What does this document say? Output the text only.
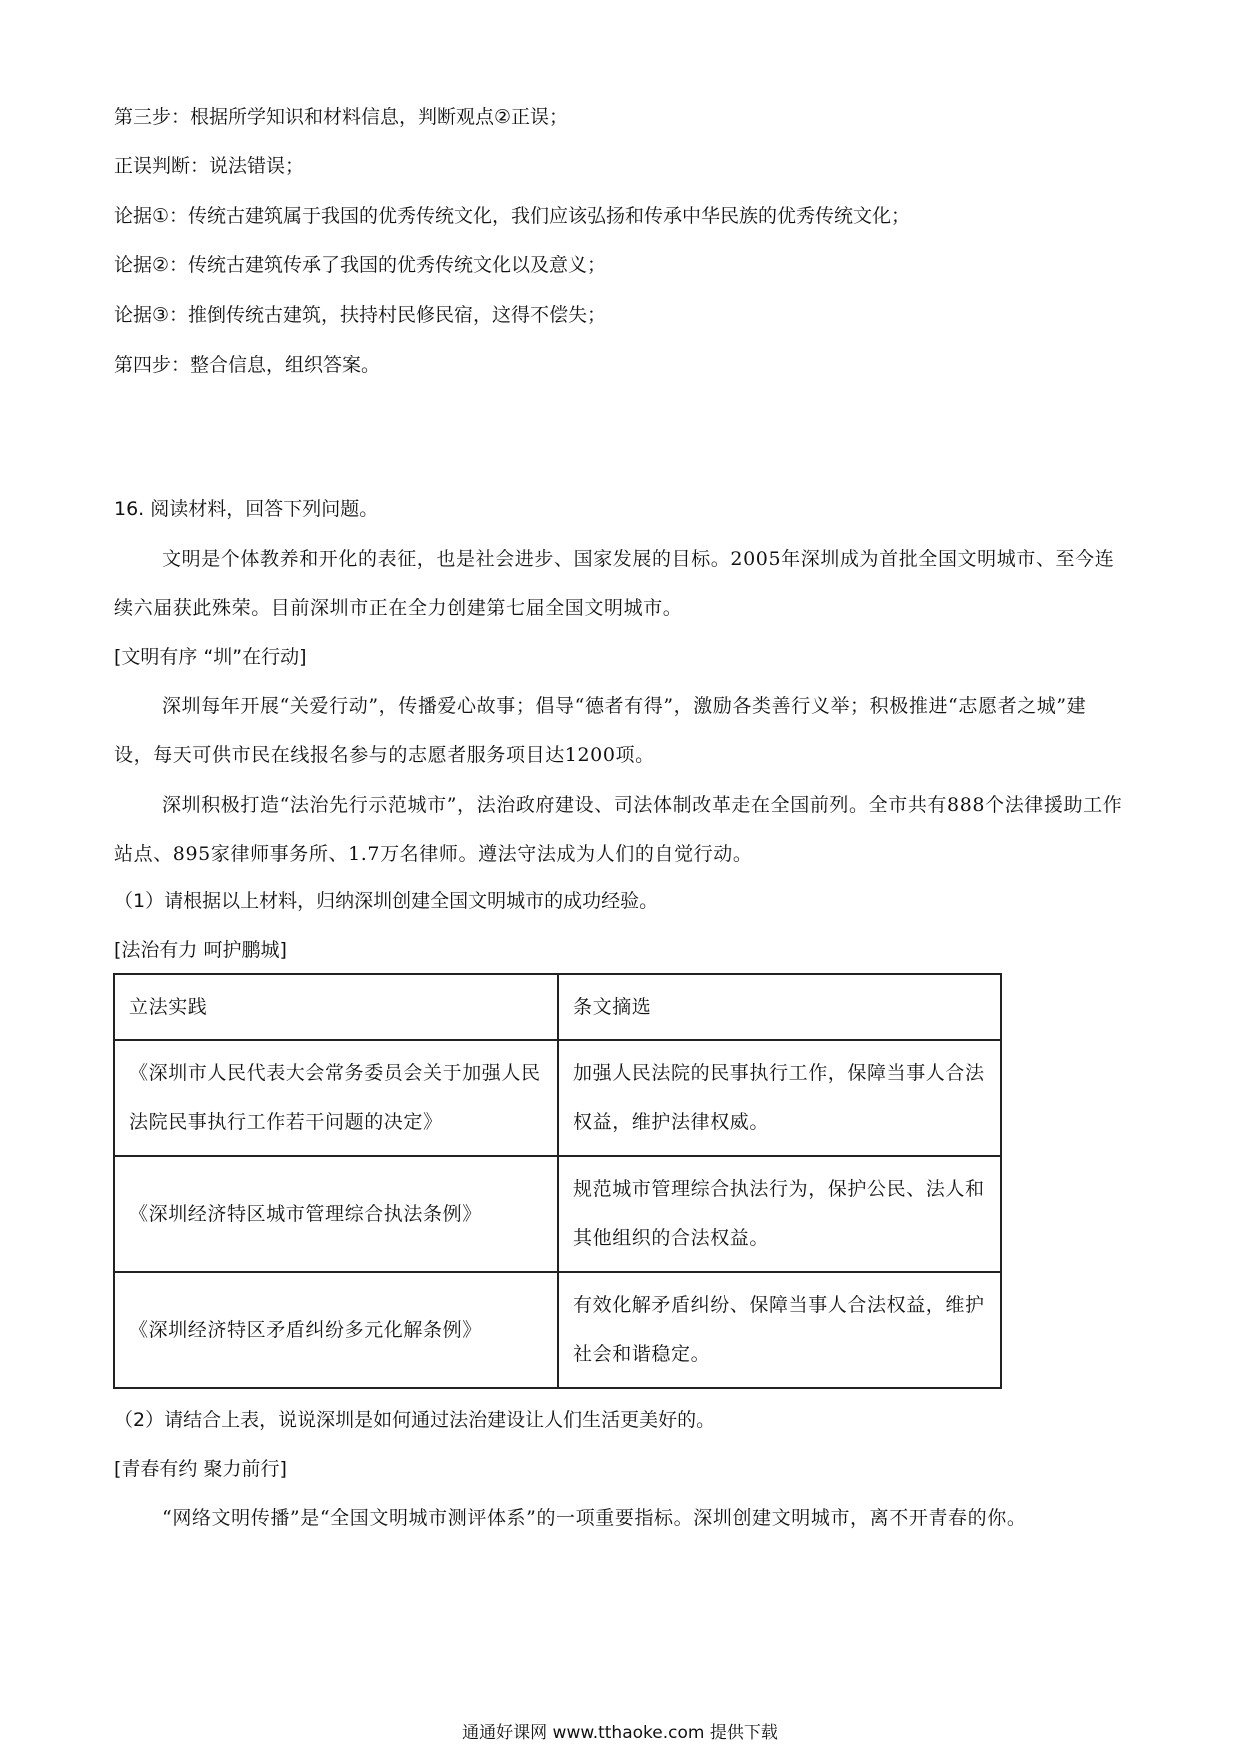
第三步：根据所学知识和材料信息，判断观点②正误；
正误判断：说法错误；
论据①：传统古建筑属于我国的优秀传统文化，我们应该弘扬和传承中华民族的优秀传统文化；
论据②：传统古建筑传承了我国的优秀传统文化以及意义；
论据③：推倒传统古建筑，扶持村民修民宿，这得不偿失；
第四步：整合信息，组织答案。
16. 阅读材料，回答下列问题。
文明是个体教养和开化的表征，也是社会进步、国家发展的目标。2005年深圳成为首批全国文明城市、至今连续六届获此殊荣。目前深圳市正在全力创建第七届全国文明城市。
[文明有序 “圳”在行动]
深圳每年开展“关爱行动”，传播爱心故事；倡导“德者有得”，激励各类善行义举；积极推进“志愿者之城”建设，每天可供市民在线报名参与的志愿者服务项目达1200项。
深圳积极打造“法治先行示范城市”，法治政府建设、司法体制改革走在全国前列。全市共有888个法律援助工作站点、895家律师事务所、1.7万名律师。遵法守法成为人们的自觉行动。
（1）请根据以上材料，归纳深圳创建全国文明城市的成功经验。
[法治有力 呵护鹏城]
立法实践	条文摘选
《深圳市人民代表大会常务委员会关于加强人民法院民事执行工作若干问题的决定》	加强人民法院的民事执行工作，保障当事人合法权益，维护法律权威。
《深圳经济特区城市管理综合执法条例》	规范城市管理综合执法行为，保护公民、法人和其他组织的合法权益。
《深圳经济特区矛盾纠纷多元化解条例》	有效化解矛盾纠纷、保障当事人合法权益，维护社会和谐稳定。
（2）请结合上表，说说深圳是如何通过法治建设让人们生活更美好的。
[青春有约 聚力前行]
“网络文明传播”是“全国文明城市测评体系”的一项重要指标。深圳创建文明城市，离不开青春的你。
通通好课网 www.tthaoke.com 提供下载
